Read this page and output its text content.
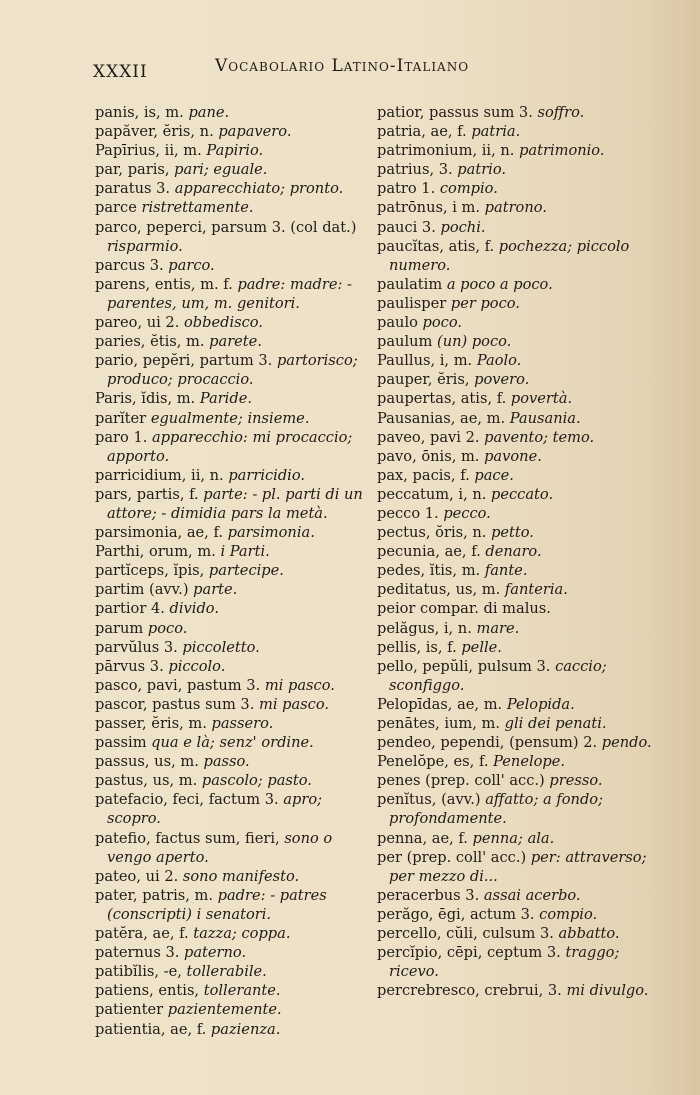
XXXII	Vocabolario Latino-Italiano

panis, is, m. pane.

papăver, ĕris, n. papavero.

Papīrius, ii, m. Papirio.

par, paris, pari; eguale.

paratus 3. apparecchiato; pronto.

parce ristrettamente.

parco, peperci, parsum 3. (col dat.) risparmio.

parcus 3. parco.

parens, entis, m. f. padre: madre: - parentes, um, m. genitori.

pareo, ui 2. obbedisco.

paries, ĕtis, m. parete.

pario, pepĕri, partum 3. partorisco; produco; procaccio.

Paris, ĭdis, m. Paride.

parĭter egualmente; insieme.

paro 1. apparecchio: mi procaccio; apporto.

parricidium, ii, n. parricidio.

pars, partis, f. parte: - pl. parti di un attore; - dimidia pars la metà.

parsimonia, ae, f. parsimonia.

Parthi, orum, m. i Parti.

partĭceps, ĭpis, partecipe.

partim (avv.) parte.

partior 4. divido.

parum poco.

parvŭlus 3. piccoletto.

pārvus 3. piccolo.

pasco, pavi, pastum 3. mi pasco.

pascor, pastus sum 3. mi pasco.

passer, ĕris, m. passero.

passim qua e là; senz' ordine.

passus, us, m. passo.

pastus, us, m. pascolo; pasto.

patefacio, feci, factum 3. apro; scopro.

patefio, factus sum, fieri, sono o vengo aperto.

pateo, ui 2. sono manifesto.

pater, patris, m. padre: - patres (conscripti) i senatori.

patĕra, ae, f. tazza; coppa.

paternus 3. paterno.

patibĭlis, -e, tollerabile.

patiens, entis, tollerante.

patienter pazientemente.

patientia, ae, f. pazienza.

patior, passus sum 3. soffro.

patria, ae, f. patria.

patrimonium, ii, n. patrimonio.

patrius, 3. patrio.

patro 1. compio.

patrōnus, i m. patrono.

pauci 3. pochi.

paucĭtas, atis, f. pochezza; piccolo numero.

paulatim a poco a poco.

paulisper per poco.

paulo poco.

paulum (un) poco.

Paullus, i, m. Paolo.

pauper, ĕris, povero.

paupertas, atis, f. povertà.

Pausanias, ae, m. Pausania.

paveo, pavi 2. pavento; temo.

pavo, ōnis, m. pavone.

pax, pacis, f. pace.

peccatum, i, n. peccato.

pecco 1. pecco.

pectus, ŏris, n. petto.

pecunia, ae, f. denaro.

pedes, ĭtis, m. fante.

peditatus, us, m. fanteria.

peior compar. di malus.

pelăgus, i, n. mare.

pellis, is, f. pelle.

pello, pepŭli, pulsum 3. caccio; sconfiggo.

Pelopīdas, ae, m. Pelopida.

penātes, ium, m. gli dei penati.

pendeo, pependi, (pensum) 2. pendo.

Penelŏpe, es, f. Penelope.

penes (prep. coll' acc.) presso.

penĭtus, (avv.) affatto; a fondo; profondamente.

penna, ae, f. penna; ala.

per (prep. coll' acc.) per: attraverso; per mezzo di...

peracerbus 3. assai acerbo.

perăgo, ēgi, actum 3. compio.

percello, cŭli, culsum 3. abbatto.

percĭpio, cēpi, ceptum 3. traggo; ricevo.

percrebresco, crebrui, 3. mi divulgo.
